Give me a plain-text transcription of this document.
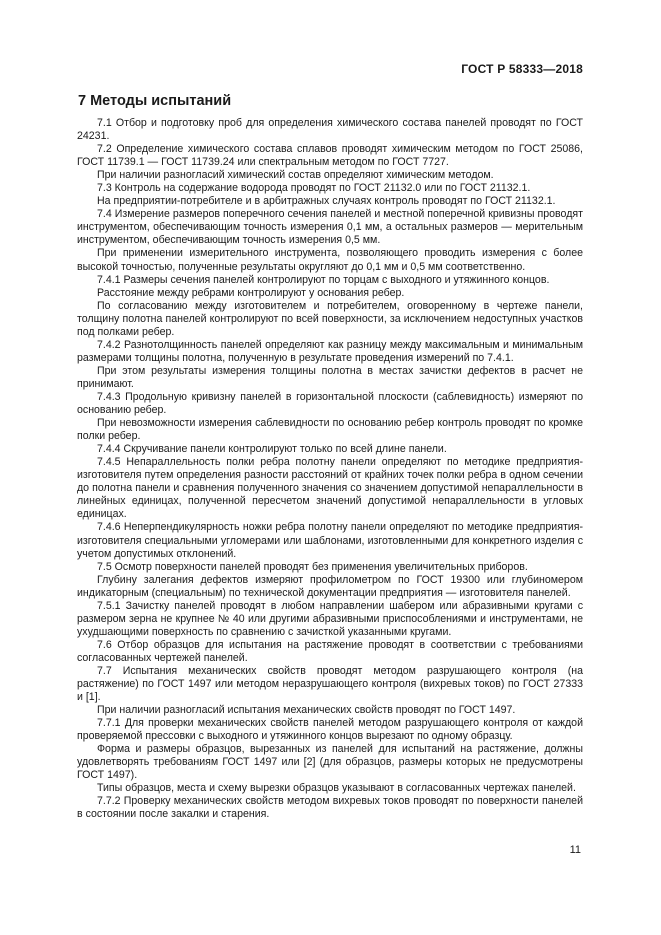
ГОСТ Р 58333—2018
7 Методы испытаний

7.1 Отбор и подготовку проб для определения химического состава панелей проводят по ГОСТ 24231.

7.2 Определение химического состава сплавов проводят химическим методом по ГОСТ 25086, ГОСТ 11739.1 — ГОСТ 11739.24 или спектральным методом по ГОСТ 7727.

При наличии разногласий химический состав определяют химическим методом.

7.3 Контроль на содержание водорода проводят по ГОСТ 21132.0 или по ГОСТ 21132.1.

На предприятии-потребителе и в арбитражных случаях контроль проводят по ГОСТ 21132.1.

7.4 Измерение размеров поперечного сечения панелей и местной поперечной кривизны проводят инструментом, обеспечивающим точность измерения 0,1 мм, а остальных размеров — мерительным инструментом, обеспечивающим точность измерения 0,5 мм.

При применении измерительного инструмента, позволяющего проводить измерения с более высокой точностью, полученные результаты округляют до 0,1 мм и 0,5 мм соответственно.

7.4.1 Размеры сечения панелей контролируют по торцам с выходного и утяжинного концов.

Расстояние между ребрами контролируют у основания ребер.

По согласованию между изготовителем и потребителем, оговоренному в чертеже панели, толщину полотна панелей контролируют по всей поверхности, за исключением недоступных участков под полками ребер.

7.4.2 Разнотолщинность панелей определяют как разницу между максимальным и минимальным размерами толщины полотна, полученную в результате проведения измерений по 7.4.1.

При этом результаты измерения толщины полотна в местах зачистки дефектов в расчет не принимают.

7.4.3 Продольную кривизну панелей в горизонтальной плоскости (саблевидность) измеряют по основанию ребер.

При невозможности измерения саблевидности по основанию ребер контроль проводят по кромке полки ребер.

7.4.4 Скручивание панели контролируют только по всей длине панели.

7.4.5 Непараллельность полки ребра полотну панели определяют по методике предприятия-изготовителя путем определения разности расстояний от крайних точек полки ребра в одном сечении до полотна панели и сравнения полученного значения со значением допустимой непараллельности в линейных единицах, полученной пересчетом значений допустимой непараллельности в угловых единицах.

7.4.6 Неперпендикулярность ножки ребра полотну панели определяют по методике предприятия-изготовителя специальными угломерами или шаблонами, изготовленными для конкретного изделия с учетом допустимых отклонений.

7.5 Осмотр поверхности панелей проводят без применения увеличительных приборов.

Глубину залегания дефектов измеряют профилометром по ГОСТ 19300 или глубиномером индикаторным (специальным) по технической документации предприятия — изготовителя панелей.

7.5.1 Зачистку панелей проводят в любом направлении шабером или абразивными кругами с размером зерна не крупнее № 40 или другими абразивными приспособлениями и инструментами, не ухудшающими поверхность по сравнению с зачисткой указанными кругами.

7.6 Отбор образцов для испытания на растяжение проводят в соответствии с требованиями согласованных чертежей панелей.

7.7 Испытания механических свойств проводят методом разрушающего контроля (на растяжение) по ГОСТ 1497 или методом неразрушающего контроля (вихревых токов) по ГОСТ 27333 и [1].

При наличии разногласий испытания механических свойств проводят по ГОСТ 1497.

7.7.1 Для проверки механических свойств панелей методом разрушающего контроля от каждой проверяемой прессовки с выходного и утяжинного концов вырезают по одному образцу.

Форма и размеры образцов, вырезанных из панелей для испытаний на растяжение, должны удовлетворять требованиям ГОСТ 1497 или [2] (для образцов, размеры которых не предусмотрены ГОСТ 1497).

Типы образцов, места и схему вырезки образцов указывают в согласованных чертежах панелей.

7.7.2 Проверку механических свойств методом вихревых токов проводят по поверхности панелей в состоянии после закалки и старения.

11
